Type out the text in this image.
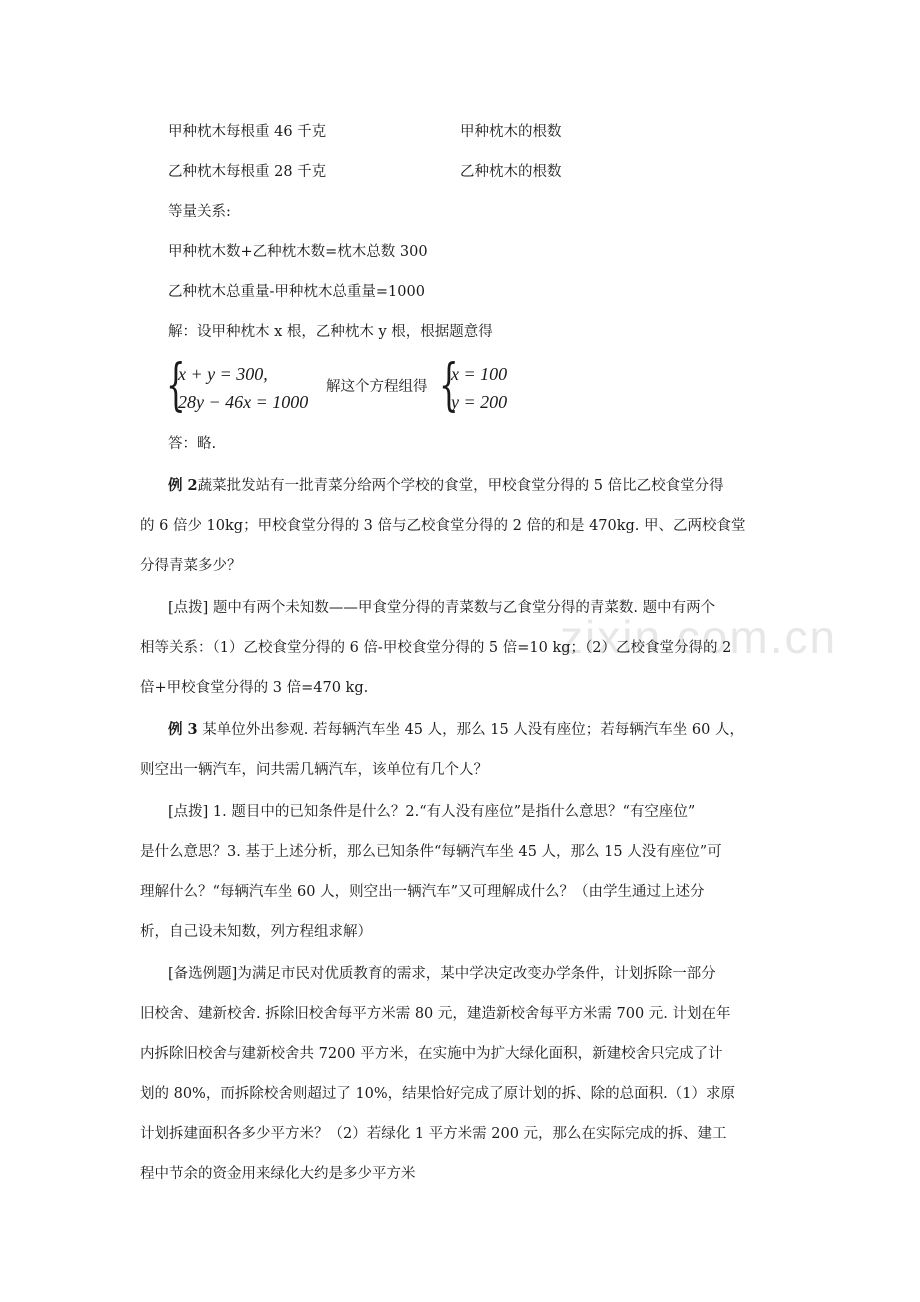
zixin.com.cn
甲种枕木每根重 46 千克	甲种枕木的根数
乙种枕木每根重 28 千克	乙种枕木的根数
等量关系:
甲种枕木数+乙种枕木数=枕木总数 300
乙种枕木总重量-甲种枕木总重量=1000
解：设甲种枕木 x 根，乙种枕木 y 根，根据题意得
{
x + y = 300,
28y − 46x = 1000
解这个方程组得 {
x = 100
y = 200
答：略.
例 2蔬菜批发站有一批青菜分给两个学校的食堂，甲校食堂分得的 5 倍比乙校食堂分得
的 6 倍少 10kg；甲校食堂分得的 3 倍与乙校食堂分得的 2 倍的和是 470kg. 甲、乙两校食堂
分得青菜多少？
[点拨] 题中有两个未知数——甲食堂分得的青菜数与乙食堂分得的青菜数. 题中有两个
相等关系：（1）乙校食堂分得的 6 倍-甲校食堂分得的 5 倍=10 kg；（2）乙校食堂分得的 2
倍+甲校食堂分得的 3 倍=470 kg.
例 3 某单位外出参观. 若每辆汽车坐 45 人，那么 15 人没有座位；若每辆汽车坐 60 人，
则空出一辆汽车，问共需几辆汽车，该单位有几个人？
[点拨] 1. 题目中的已知条件是什么？2.“有人没有座位”是指什么意思？“有空座位”
是什么意思？3. 基于上述分析，那么已知条件“每辆汽车坐 45 人，那么 15 人没有座位”可
理解什么？“每辆汽车坐 60 人，则空出一辆汽车”又可理解成什么？（由学生通过上述分
析，自己设未知数，列方程组求解）
[备选例题]为满足市民对优质教育的需求，某中学决定改变办学条件，计划拆除一部分
旧校舍、建新校舍. 拆除旧校舍每平方米需 80 元，建造新校舍每平方米需 700 元. 计划在年
内拆除旧校舍与建新校舍共 7200 平方米，在实施中为扩大绿化面积，新建校舍只完成了计
划的 80%，而拆除校舍则超过了 10%，结果恰好完成了原计划的拆、除的总面积.（1）求原
计划拆建面积各多少平方米？（2）若绿化 1 平方米需 200 元，那么在实际完成的拆、建工
程中节余的资金用来绿化大约是多少平方米
